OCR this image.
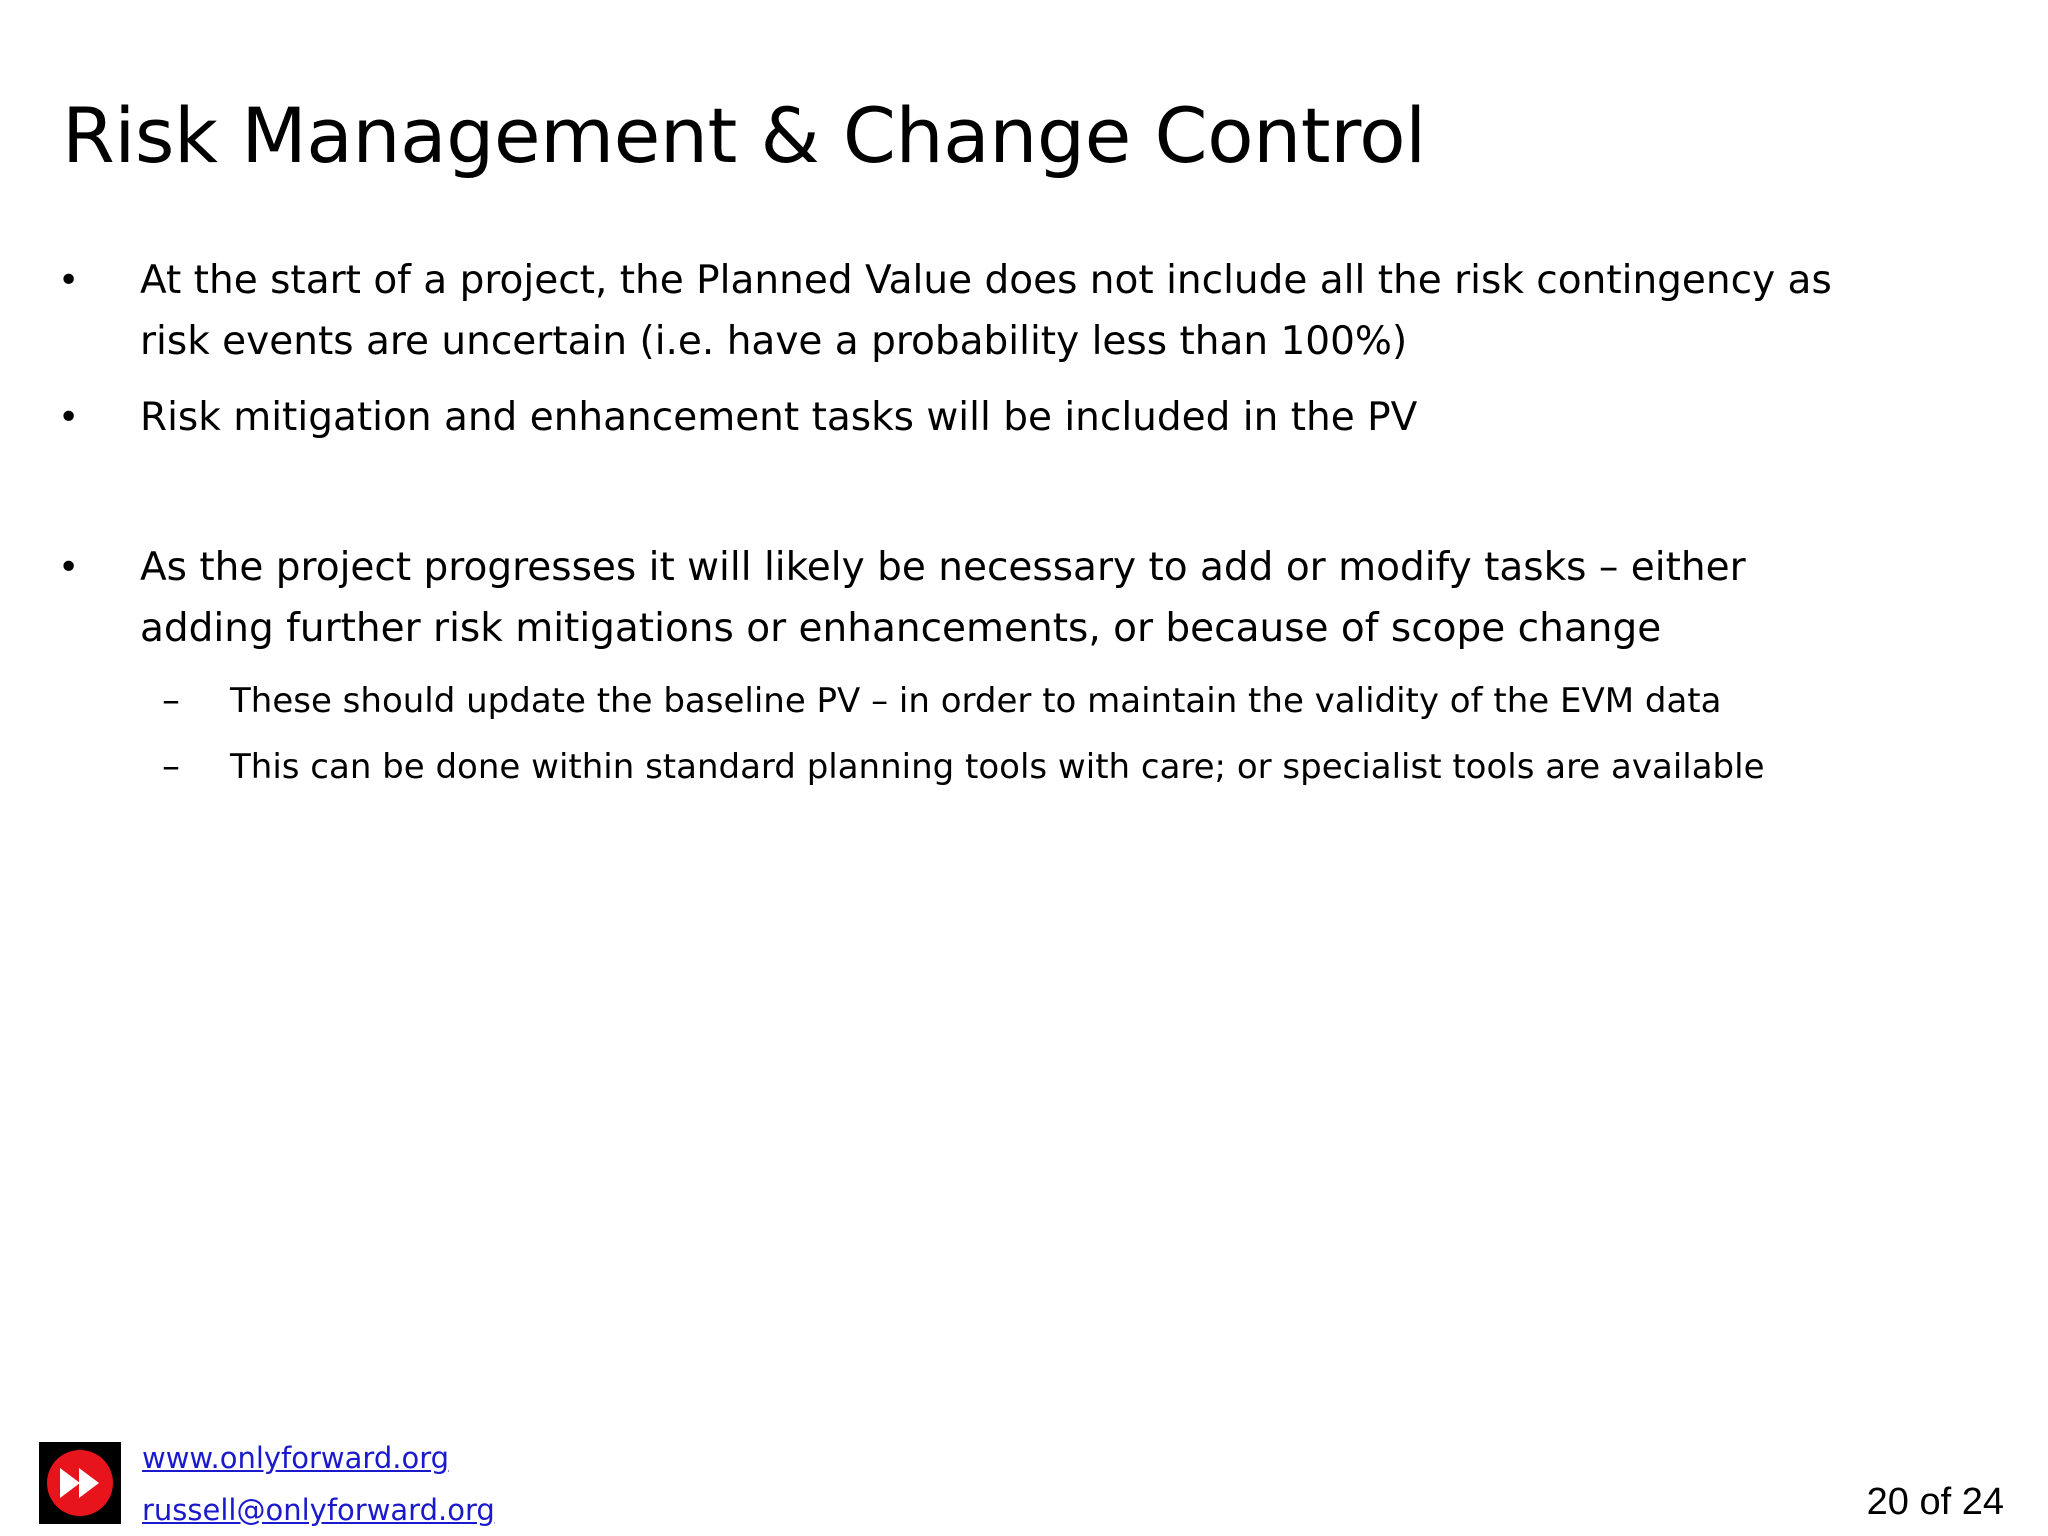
Risk Management & Change Control
• At the start of a project, the Planned Value does not include all the risk contingency as
risk events are uncertain (i.e. have a probability less than 100%)
• Risk mitigation and enhancement tasks will be included in the PV
• As the project progresses it will likely be necessary to add or modify tasks – either
adding further risk mitigations or enhancements, or because of scope change
– These should update the baseline PV – in order to maintain the validity of the EVM data
– This can be done within standard planning tools with care; or specialist tools are available
www.onlyforward.org
russell@onlyforward.org	20 of 24
